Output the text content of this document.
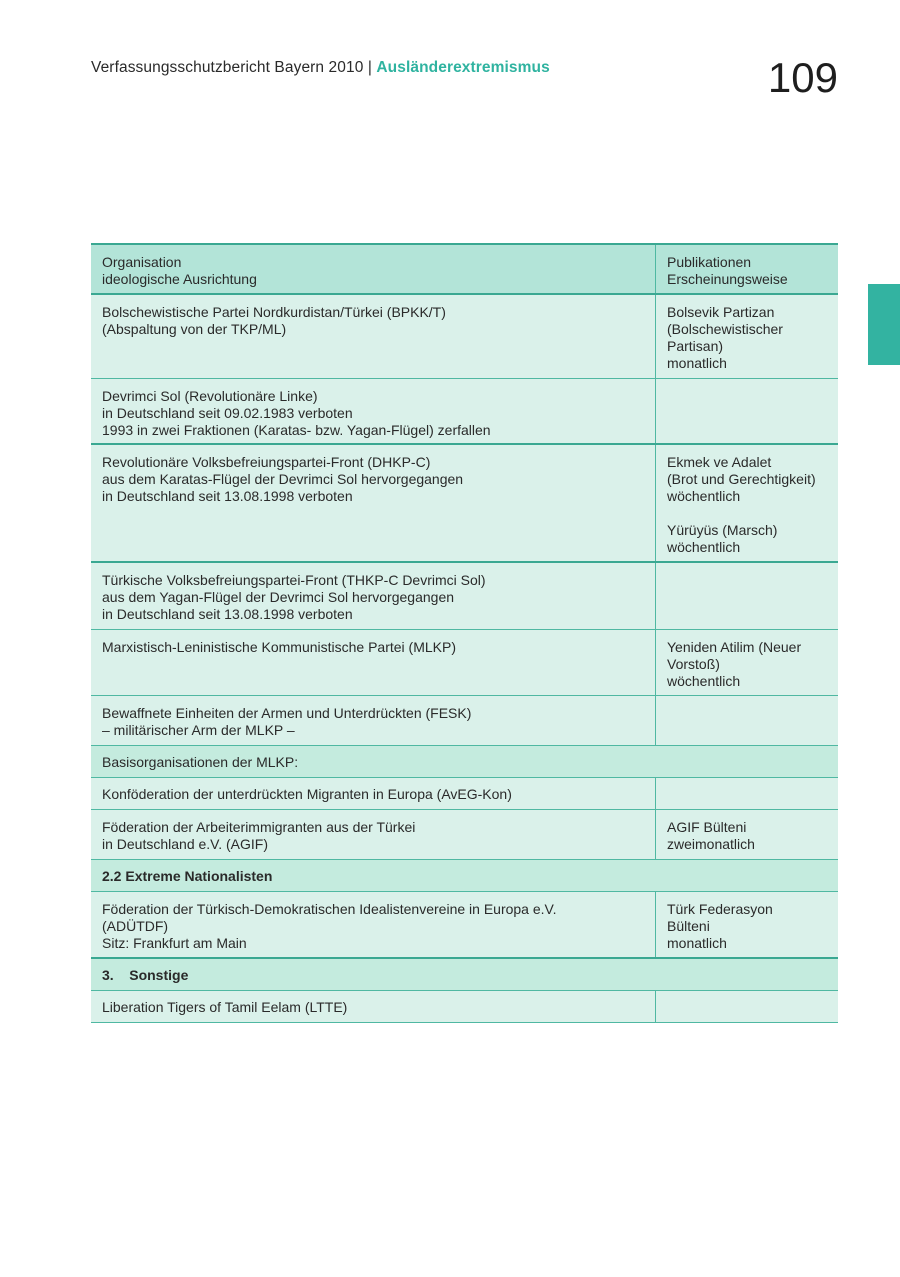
Verfassungsschutzbericht Bayern 2010 | Ausländerextremismus	109
Organisation
ideologische Ausrichtung
Publikationen
Erscheinungsweise
Bolschewistische Partei Nordkurdistan/Türkei (BPKK/T)
(Abspaltung von der TKP/ML)
Bolsevik Partizan
(Bolschewistischer
Partisan)
monatlich
Devrimci Sol (Revolutionäre Linke)
in Deutschland seit 09.02.1983 verboten
1993 in zwei Fraktionen (Karatas- bzw. Yagan-Flügel) zerfallen
Revolutionäre Volksbefreiungspartei-Front (DHKP-C)
aus dem Karatas-Flügel der Devrimci Sol hervorgegangen
in Deutschland seit 13.08.1998 verboten
Ekmek ve Adalet
(Brot und Gerechtigkeit)
wöchentlich

Yürüyüs (Marsch)
wöchentlich
Türkische Volksbefreiungspartei-Front (THKP-C Devrimci Sol)
aus dem Yagan-Flügel der Devrimci Sol hervorgegangen
in Deutschland seit 13.08.1998 verboten
Marxistisch-Leninistische Kommunistische Partei (MLKP)	Yeniden Atilim (Neuer
Vorstoß)
wöchentlich
Bewaffnete Einheiten der Armen und Unterdrückten (FESK)
– militärischer Arm der MLKP –
Basisorganisationen der MLKP:
Konföderation der unterdrückten Migranten in Europa (AvEG-Kon)
Föderation der Arbeiterimmigranten aus der Türkei
in Deutschland e.V. (AGIF)
AGIF Bülteni
zweimonatlich
2.2 Extreme Nationalisten
Föderation der Türkisch-Demokratischen Idealistenvereine in Europa e.V.
(ADÜTDF)
Sitz: Frankfurt am Main
Türk Federasyon
Bülteni
monatlich
3.    Sonstige
Liberation Tigers of Tamil Eelam (LTTE)
